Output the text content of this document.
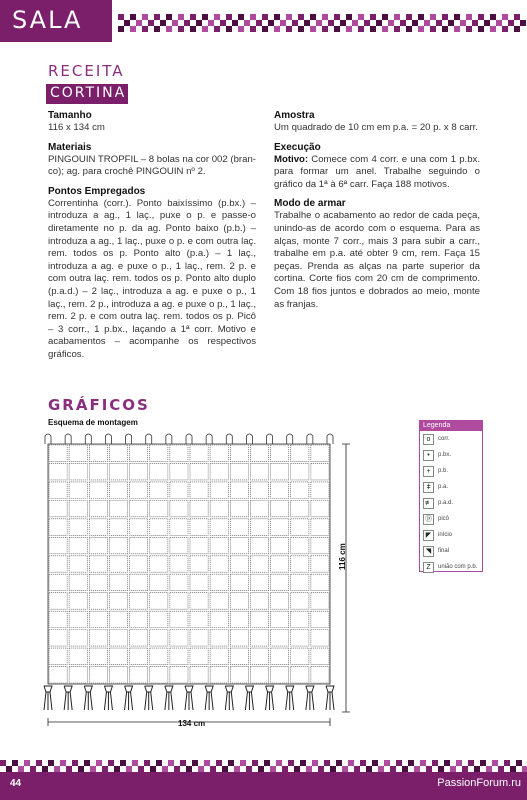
SALA
RECEITA
CORTINA
Tamanho

116 x 134 cm

Materiais

PINGOUIN TROPFIL – 8 bolas na cor 002 (bran-co); ag. para crochê PINGOUIN nº 2.

Pontos Empregados

Correntinha (corr.). Ponto baixíssimo (p.bx.) – introduza a ag., 1 laç., puxe o p. e passe-o diretamente no p. da ag. Ponto baixo (p.b.) – introduza a ag., 1 laç., puxe o p. e com outra laç. rem. todos os p. Ponto alto (p.a.) – 1 laç., introduza a ag. e puxe o p., 1 laç., rem. 2 p. e com outra laç. rem. todos os p. Ponto alto duplo (p.a.d.) – 2 laç., introduza a ag. e puxe o p., 1 laç., rem. 2 p., introduza a ag. e puxe o p., 1 laç., rem. 2 p. e com outra laç. rem. todos os p. Picô – 3 corr., 1 p.bx., laçando a 1ª corr. Motivo e acabamentos – acompanhe os respectivos gráficos.

Amostra

Um quadrado de 10 cm em p.a. = 20 p. x 8 carr.

Execução

Motivo: Comece com 4 corr. e una com 1 p.bx. para formar um anel. Trabalhe seguindo o gráfico da 1ª à 6ª carr. Faça 188 motivos.

Modo de armar

Trabalhe o acabamento ao redor de cada peça, unindo-as de acordo com o esquema. Para as alças, monte 7 corr., mais 3 para subir a carr., trabalhe em p.a. até obter 9 cm, rem. Faça 15 peças. Prenda as alças na parte superior da cortina. Corte fios com 20 cm de comprimento. Com 18 fios juntos e dobrados ao meio, monte as franjas.

GRÁFICOS
Esquema de montagem
116 cm
134 cm
Legenda
o	corr.
•	p.bx.
+	p.b.
ǂ	p.a.
≢	p.a.d.
ⓟ	picô
◤	início
◥	final
Z	união com p.b.
44	PassionForum.ru
